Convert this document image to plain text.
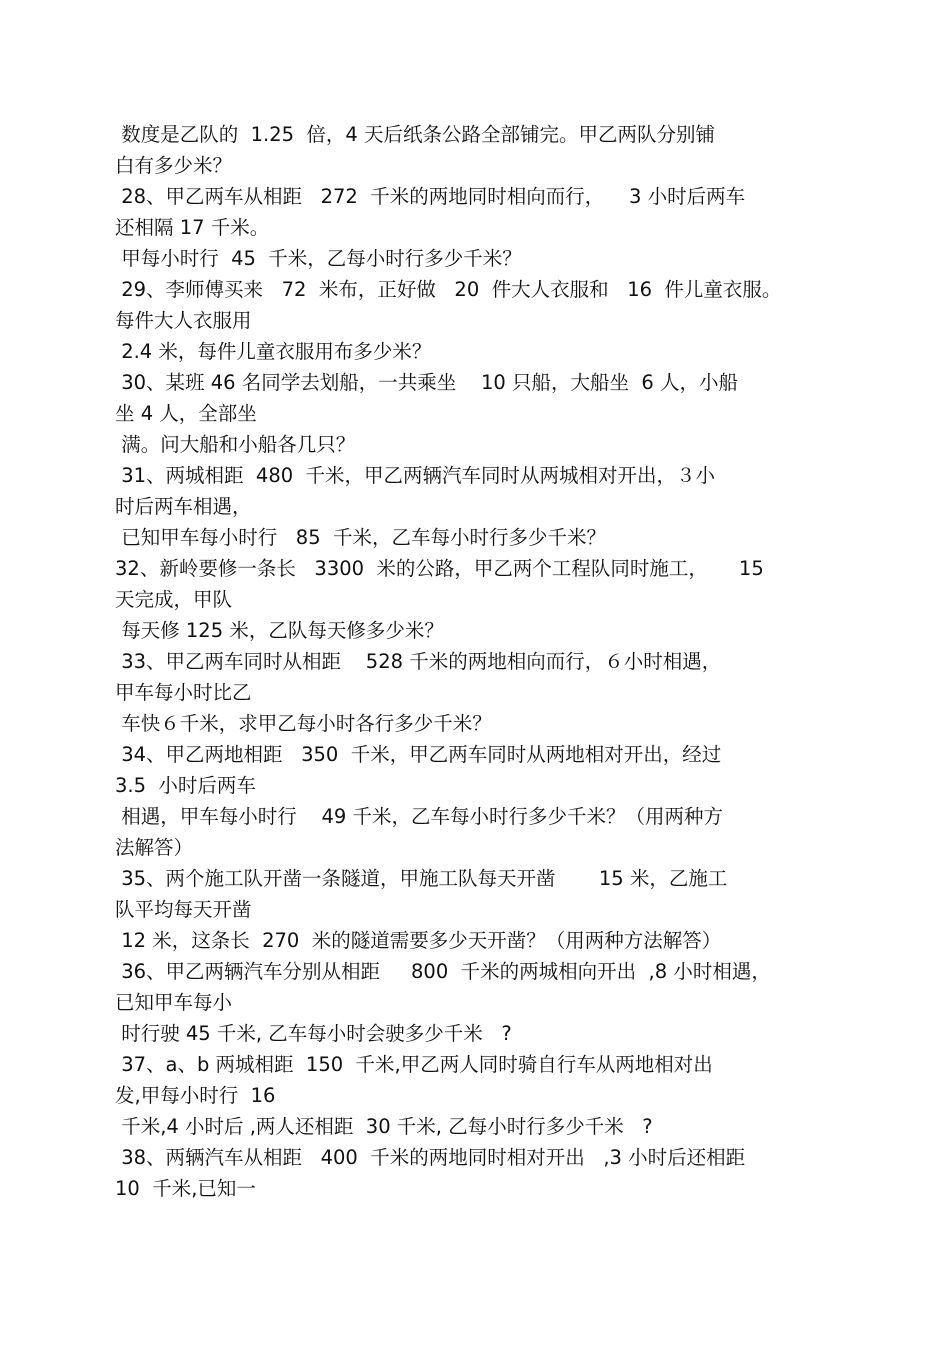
数度是乙队的  1.25  倍，4 天后纸条公路全部铺完。甲乙两队分别铺
白有多少米？
28、甲乙两车从相距   272  千米的两地同时相向而行，    3 小时后两车
还相隔 17 千米。
甲每小时行  45  千米，乙每小时行多少千米？
29、李师傅买来   72  米布，正好做   20  件大人衣服和   16  件儿童衣服。
每件大人衣服用
2.4 米，每件儿童衣服用布多少米？
30、某班 46 名同学去划船，一共乘坐    10 只船，大船坐  6 人，小船
坐 4 人，全部坐
满。问大船和小船各几只？
31、两城相距  480  千米，甲乙两辆汽车同时从两城相对开出，３小
时后两车相遇，
已知甲车每小时行   85  千米，乙车每小时行多少千米？
32、新岭要修一条长   3300  米的公路，甲乙两个工程队同时施工，     15
天完成，甲队
每天修 125 米，乙队每天修多少米？
33、甲乙两车同时从相距    528 千米的两地相向而行，６小时相遇，
甲车每小时比乙
车快６千米，求甲乙每小时各行多少千米？
34、甲乙两地相距   350  千米，甲乙两车同时从两地相对开出，经过
3.5  小时后两车
相遇，甲车每小时行    49 千米，乙车每小时行多少千米？（用两种方
法解答）
35、两个施工队开凿一条隧道，甲施工队每天开凿       15 米，乙施工
队平均每天开凿
12 米，这条长  270  米的隧道需要多少天开凿？（用两种方法解答）
36、甲乙两辆汽车分别从相距     800  千米的两城相向开出  ,8 小时相遇，
已知甲车每小
时行驶 45 千米, 乙车每小时会驶多少千米   ?
37、a、b 两城相距  150  千米,甲乙两人同时骑自行车从两地相对出
发,甲每小时行  16
千米,4 小时后 ,两人还相距  30 千米, 乙每小时行多少千米   ?
38、两辆汽车从相距   400  千米的两地同时相对开出   ,3 小时后还相距
10  千米,已知一
